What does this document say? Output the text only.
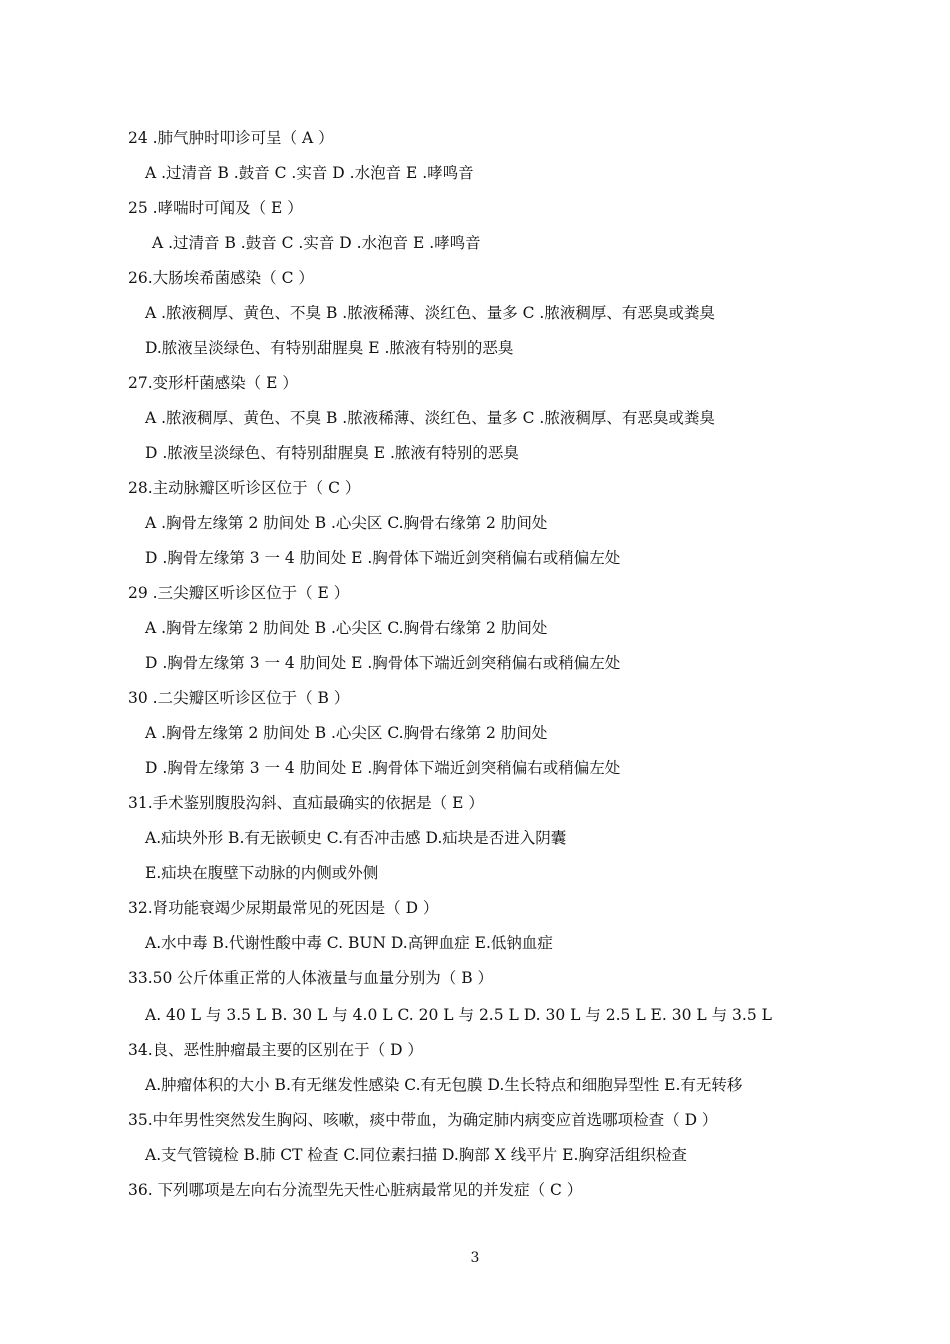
24 .肺气肿时叩诊可呈（ A ）
A .过清音 B .鼓音 C .实音 D .水泡音 E .哮鸣音
25 .哮喘时可闻及（ E ）
A .过清音 B .鼓音 C .实音 D .水泡音 E .哮鸣音
26.大肠埃希菌感染（ C ）
A .脓液稠厚、黄色、不臭 B .脓液稀薄、淡红色、量多 C .脓液稠厚、有恶臭或粪臭
D.脓液呈淡绿色、有特别甜腥臭 E .脓液有特别的恶臭
27.变形杆菌感染（ E ）
A .脓液稠厚、黄色、不臭 B .脓液稀薄、淡红色、量多 C .脓液稠厚、有恶臭或粪臭
D .脓液呈淡绿色、有特别甜腥臭 E .脓液有特别的恶臭
28.主动脉瓣区听诊区位于（ C ）
A .胸骨左缘第 2 肋间处 B .心尖区 C.胸骨右缘第 2 肋间处
D .胸骨左缘第 3 一 4 肋间处 E .胸骨体下端近剑突稍偏右或稍偏左处
29 .三尖瓣区听诊区位于（ E ）
A .胸骨左缘第 2 肋间处 B .心尖区 C.胸骨右缘第 2 肋间处
D .胸骨左缘第 3 一 4 肋间处 E .胸骨体下端近剑突稍偏右或稍偏左处
30 .二尖瓣区听诊区位于（ B ）
A .胸骨左缘第 2 肋间处 B .心尖区 C.胸骨右缘第 2 肋间处
D .胸骨左缘第 3 一 4 肋间处 E .胸骨体下端近剑突稍偏右或稍偏左处
31.手术鉴别腹股沟斜、直疝最确实的依据是（ E ）
A.疝块外形 B.有无嵌顿史 C.有否冲击感 D.疝块是否进入阴囊
E.疝块在腹壁下动脉的内侧或外侧
32.肾功能衰竭少尿期最常见的死因是（ D ）
A.水中毒 B.代谢性酸中毒 C. BUN D.高钾血症 E.低钠血症
33.50 公斤体重正常的人体液量与血量分别为（ B ）
A. 40 L 与 3.5 L B. 30 L 与 4.0 L C. 20 L 与 2.5 L D. 30 L 与 2.5 L E. 30 L 与 3.5 L
34.良、恶性肿瘤最主要的区别在于（ D ）
A.肿瘤体积的大小 B.有无继发性感染 C.有无包膜 D.生长特点和细胞异型性 E.有无转移
35.中年男性突然发生胸闷、咳嗽，痰中带血，为确定肺内病变应首选哪项检查（ D ）
A.支气管镜检 B.肺 CT 检查 C.同位素扫描 D.胸部 X 线平片 E.胸穿活组织检查
36. 下列哪项是左向右分流型先天性心脏病最常见的并发症（ C ）
3
